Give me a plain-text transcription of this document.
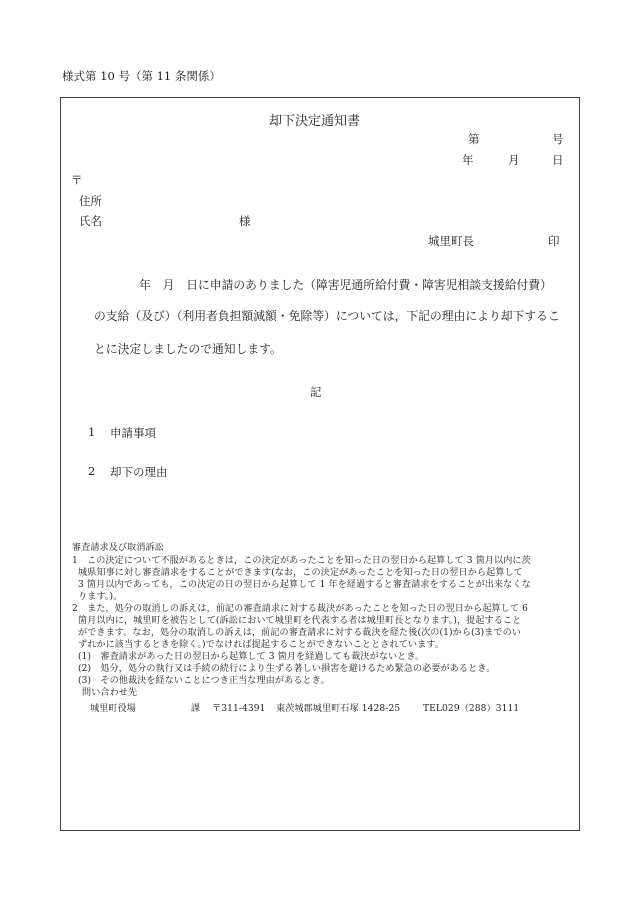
様式第 10 号（第 11 条関係）
却下決定通知書
第	号
年	月	日
〒
住所
氏名	様
城里町長	印
年　月　日に申請のありました（障害児通所給付費・障害児相談支援給付費）
の支給（及び）（利用者負担額減額・免除等）については，下記の理由により却下するこ
とに決定しましたので通知します。
記
1 申請事項
2 却下の理由
審査請求及び取消訴訟
1　この決定について不服があるときは，この決定があったことを知った日の翌日から起算して 3 箇月以内に茨
城県知事に対し審査請求をすることができます(なお，この決定があったことを知った日の翌日から起算して
3 箇月以内であっても，この決定の日の翌日から起算して 1 年を経過すると審査請求をすることが出来なくな
ります。)。
2　また，処分の取消しの訴えは，前記の審査請求に対する裁決があったことを知った日の翌日から起算して 6
箇月以内に，城里町を被告として(訴訟において城里町を代表する者は城里町長となります。)，提起すること
ができます。なお，処分の取消しの訴えは，前記の審査請求に対する裁決を経た後(次の(1)から(3)までのい
ずれかに該当するときを除く。)でなければ提起することができないこととされています。
(1)　審査請求があった日の翌日から起算して 3 箇月を経過しても裁決がないとき。
(2)　処分，処分の執行又は手続の続行により生ずる著しい損害を避けるため緊急の必要があるとき。
(3)　その他裁決を経ないことにつき正当な理由があるとき。
問い合わせ先
城里町役場	課 〒311-4391 東茨城郡城里町石塚 1428-25	TEL029（288）3111
